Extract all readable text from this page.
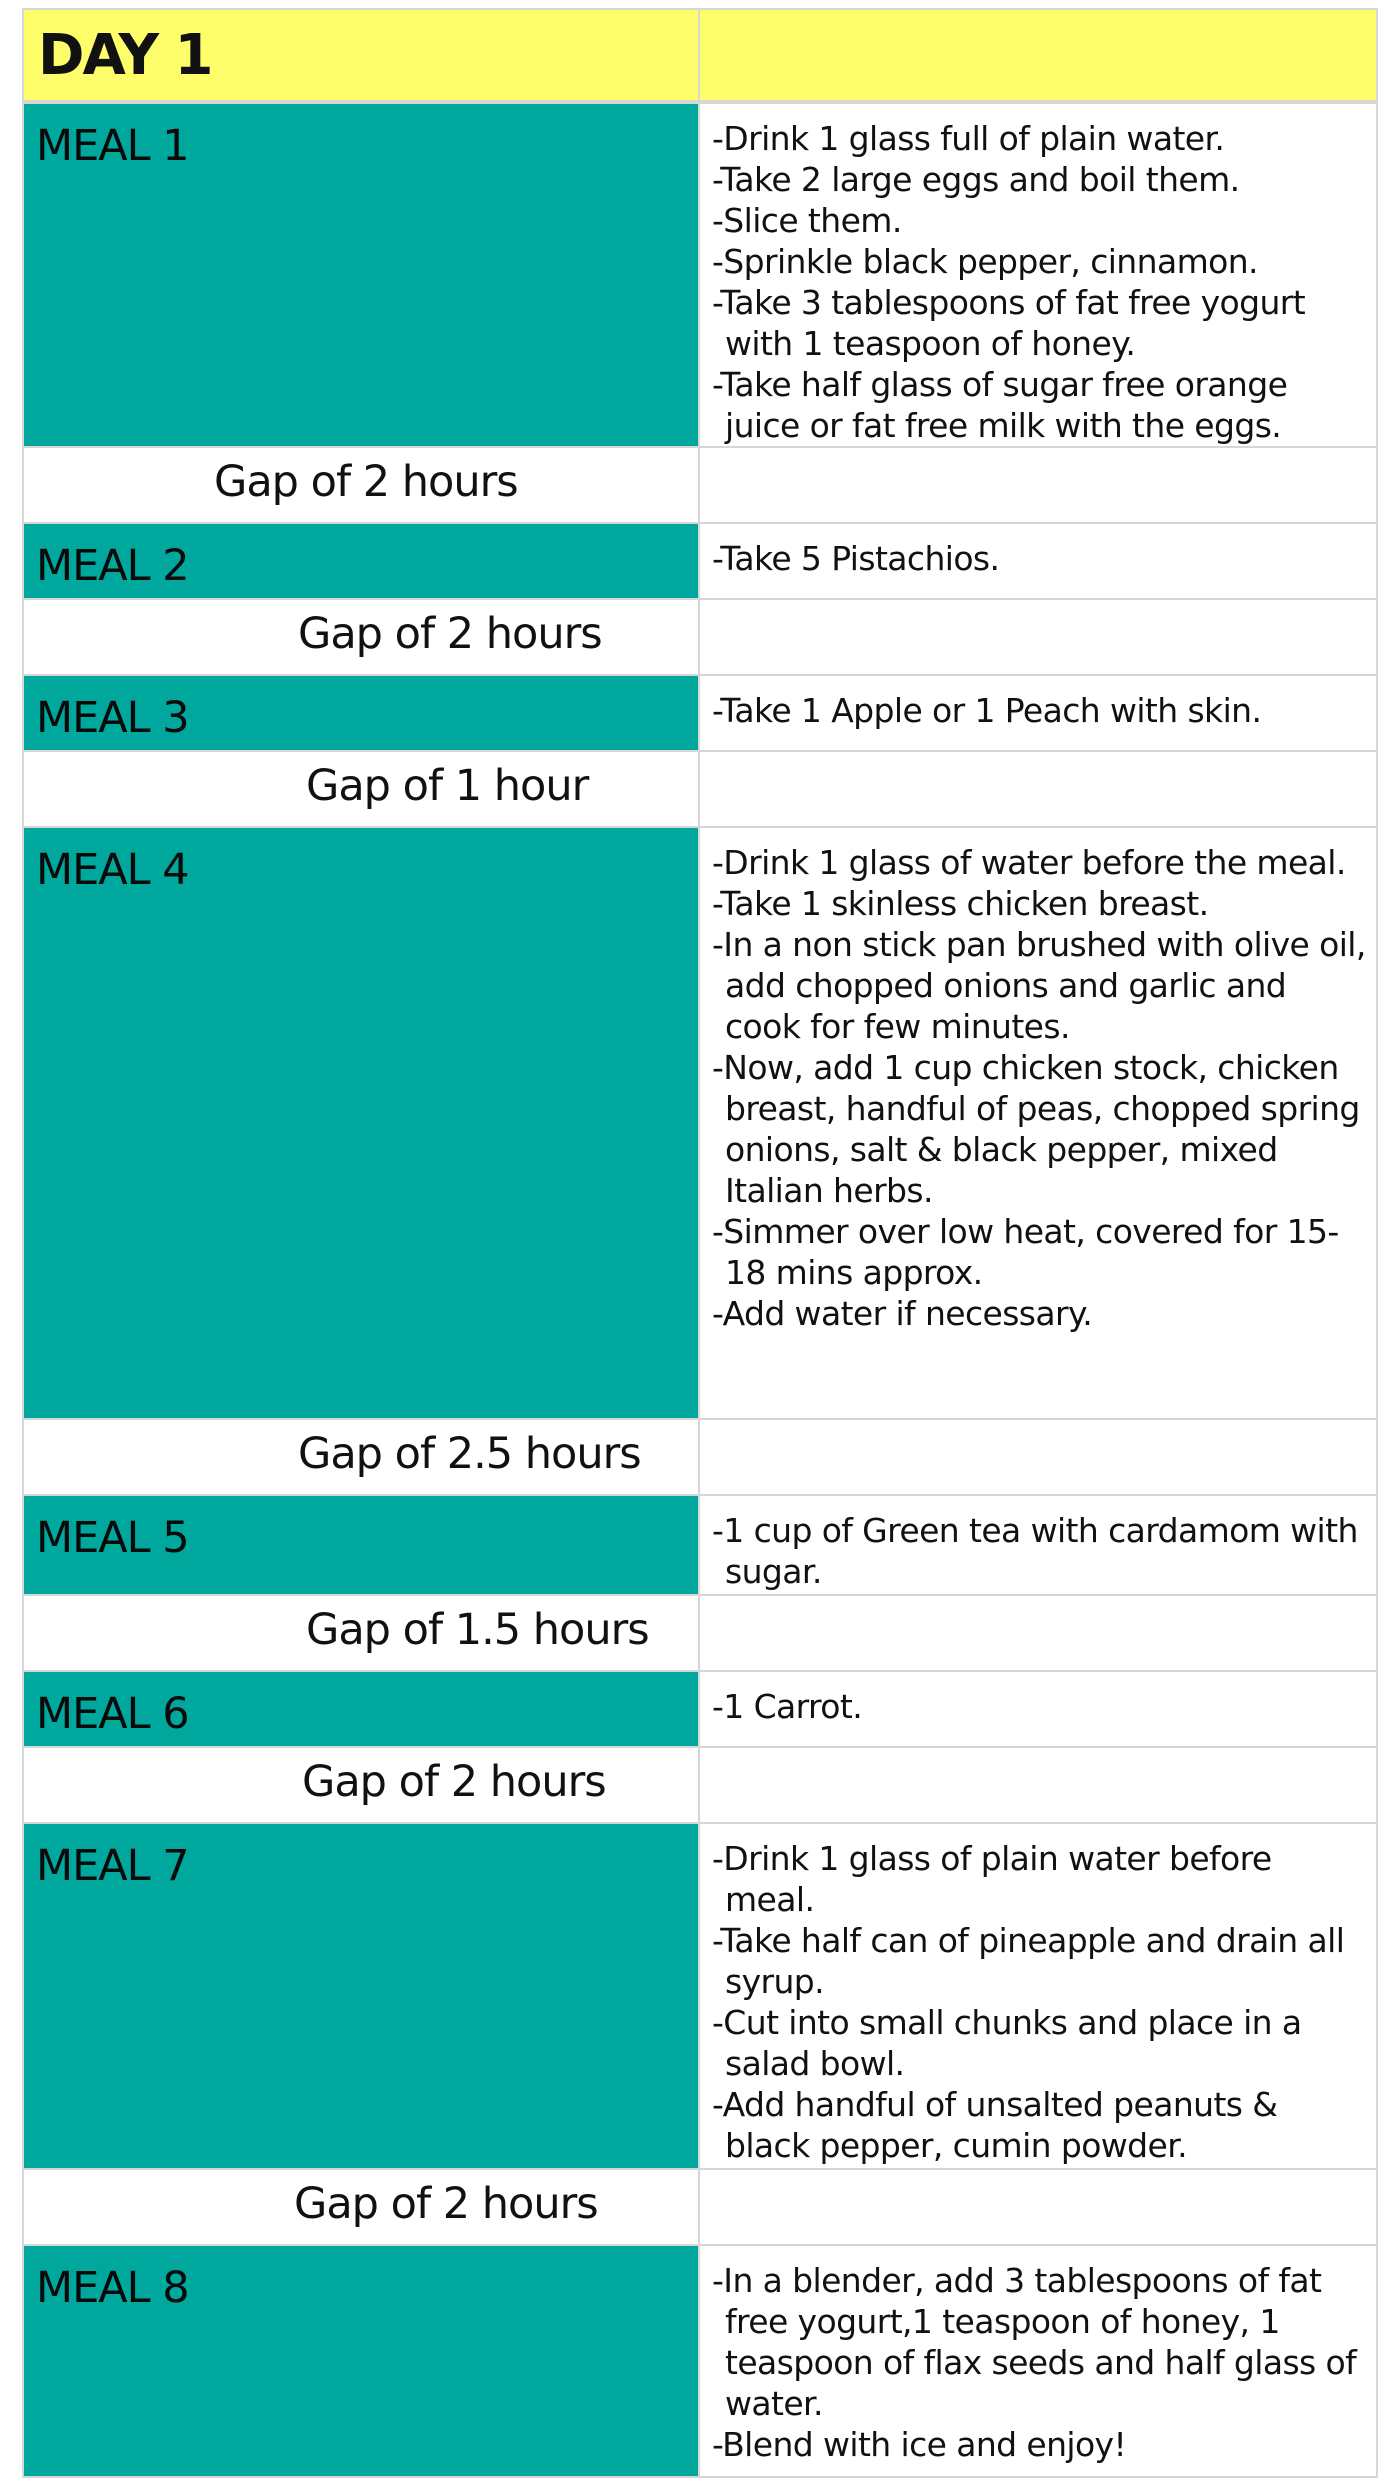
DAY 1
MEAL 1	-Drink 1 glass full of plain water.
-Take 2 large eggs and boil them.
-Slice them.
-Sprinkle black pepper, cinnamon.
-Take 3 tablespoons of fat free yogurt with 1 teaspoon of honey.
-Take half glass of sugar free orange juice or fat free milk with the eggs.
Gap of 2 hours
MEAL 2	-Take 5 Pistachios.
Gap of 2 hours
MEAL 3	-Take 1 Apple or 1 Peach with skin.
Gap of 1 hour
MEAL 4	-Drink 1 glass of water before the meal.
-Take 1 skinless chicken breast.
-In a non stick pan brushed with olive oil, add chopped onions and garlic and cook for few minutes.
-Now, add 1 cup chicken stock, chicken breast, handful of peas, chopped spring onions, salt & black pepper, mixed Italian herbs.
-Simmer over low heat, covered for 15-18 mins approx.
-Add water if necessary.
Gap of 2.5 hours
MEAL 5	-1 cup of Green tea with cardamom with sugar.
Gap of 1.5 hours
MEAL 6	-1 Carrot.
Gap of 2 hours
MEAL 7	-Drink 1 glass of plain water before meal.
-Take half can of pineapple and drain all syrup.
-Cut into small chunks and place in a salad bowl.
-Add handful of unsalted peanuts & black pepper, cumin powder.
Gap of 2 hours
MEAL 8	-In a blender, add 3 tablespoons of fat free yogurt,1 teaspoon of honey, 1 teaspoon of flax seeds and half glass of water.
-Blend with ice and enjoy!
